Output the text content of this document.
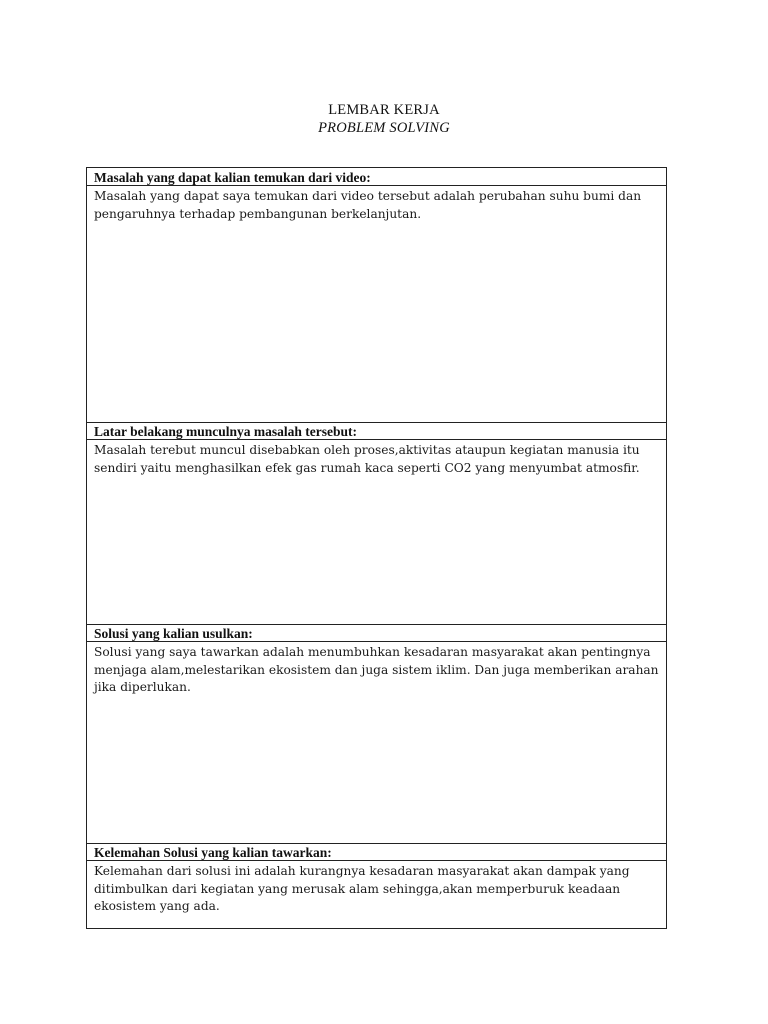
LEMBAR KERJA
PROBLEM SOLVING
Masalah yang dapat kalian temukan dari video:
Masalah yang dapat saya temukan dari video tersebut adalah perubahan suhu bumi dan pengaruhnya terhadap pembangunan berkelanjutan.
Latar belakang munculnya masalah tersebut:
Masalah terebut muncul disebabkan oleh proses,aktivitas ataupun kegiatan manusia itu sendiri yaitu menghasilkan efek gas rumah kaca seperti CO2 yang menyumbat atmosfir.
Solusi yang kalian usulkan:
Solusi yang saya tawarkan adalah menumbuhkan kesadaran masyarakat akan pentingnya menjaga alam,melestarikan ekosistem dan juga sistem iklim. Dan juga memberikan arahan jika diperlukan.
Kelemahan Solusi yang kalian tawarkan:
Kelemahan dari solusi ini adalah kurangnya kesadaran masyarakat akan dampak yang ditimbulkan dari kegiatan yang merusak alam sehingga,akan memperburuk keadaan ekosistem yang ada.
